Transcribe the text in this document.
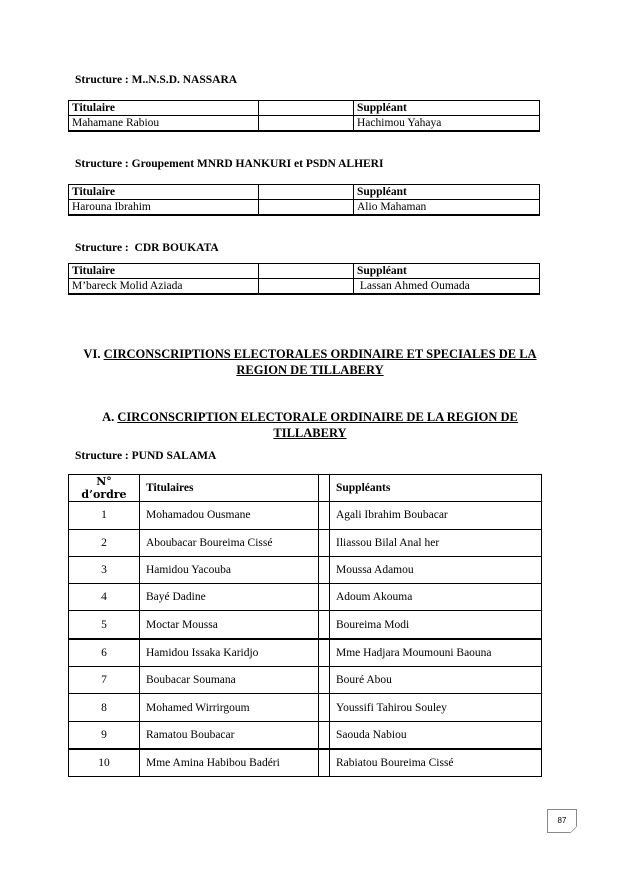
Structure : M..N.S.D. NASSARA
Titulaire		Suppléant
Mahamane Rabiou		Hachimou Yahaya
Structure : Groupement MNRD HANKURI et PSDN ALHERI
Titulaire		Suppléant
Harouna Ibrahim		Alio Mahaman
Structure :  CDR BOUKATA
Titulaire		Suppléant
M’bareck Molid Aziada		Lassan Ahmed Oumada
VI. CIRCONSCRIPTIONS ELECTORALES ORDINAIRE ET SPECIALES DE LA
REGION DE TILLABERY
A. CIRCONSCRIPTION ELECTORALE ORDINAIRE DE LA REGION DE
TILLABERY
Structure : PUND SALAMA
N° d’ordre	Titulaires		Suppléants
1	Mohamadou Ousmane		Agali Ibrahim Boubacar
2	Aboubacar Boureima Cissé		Iliassou Bilal Anal her
3	Hamidou Yacouba		Moussa Adamou
4	Bayé Dadine		Adoum Akouma
5	Moctar Moussa		Boureima Modi
6	Hamidou Issaka Karidjo		Mme Hadjara Moumouni Baouna
7	Boubacar Soumana		Bouré Abou
8	Mohamed Wirrirgoum		Youssifi Tahirou Souley
9	Ramatou Boubacar		Saouda Nabiou
10	Mme Amina Habibou Badéri		Rabiatou Boureima Cissé
87
